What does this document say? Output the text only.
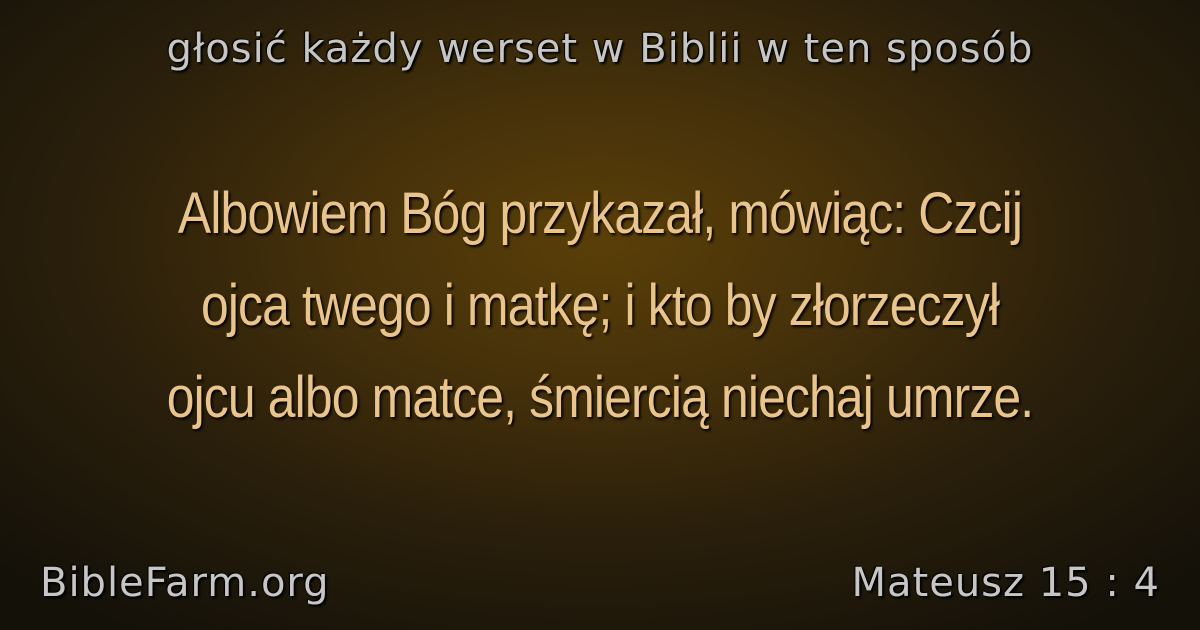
głosić każdy werset w Biblii w ten sposób
Albowiem Bóg przykazał, mówiąc: Czcij
ojca twego i matkę; i kto by złorzeczył
ojcu albo matce, śmiercią niechaj umrze.
BibleFarm.org	Mateusz 15 : 4
